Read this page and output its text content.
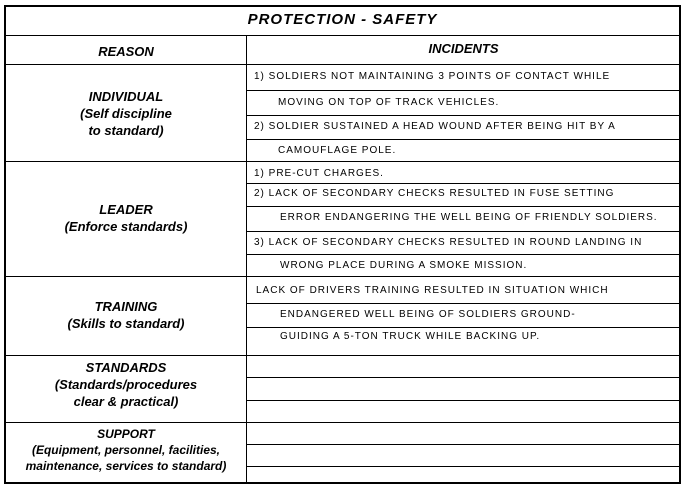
PROTECTION - SAFETY
REASON	INCIDENTS
INDIVIDUAL
(Self discipline
to standard)
1) SOLDIERS NOT MAINTAINING 3 POINTS OF CONTACT WHILE
MOVING ON TOP OF TRACK VEHICLES.
2) SOLDIER SUSTAINED A HEAD WOUND AFTER BEING HIT BY A
CAMOUFLAGE POLE.
LEADER
(Enforce standards)
1) PRE-CUT CHARGES.
2) LACK OF SECONDARY CHECKS RESULTED IN FUSE SETTING
ERROR ENDANGERING THE WELL BEING OF FRIENDLY SOLDIERS.
3) LACK OF SECONDARY CHECKS RESULTED IN ROUND LANDING IN
WRONG PLACE DURING A SMOKE MISSION.
TRAINING
(Skills to standard)
LACK OF DRIVERS TRAINING RESULTED IN SITUATION WHICH
ENDANGERED WELL BEING OF SOLDIERS GROUND-
GUIDING A 5-TON TRUCK WHILE BACKING UP.
STANDARDS
(Standards/procedures
clear & practical)
SUPPORT
(Equipment, personnel, facilities,
maintenance, services to standard)
